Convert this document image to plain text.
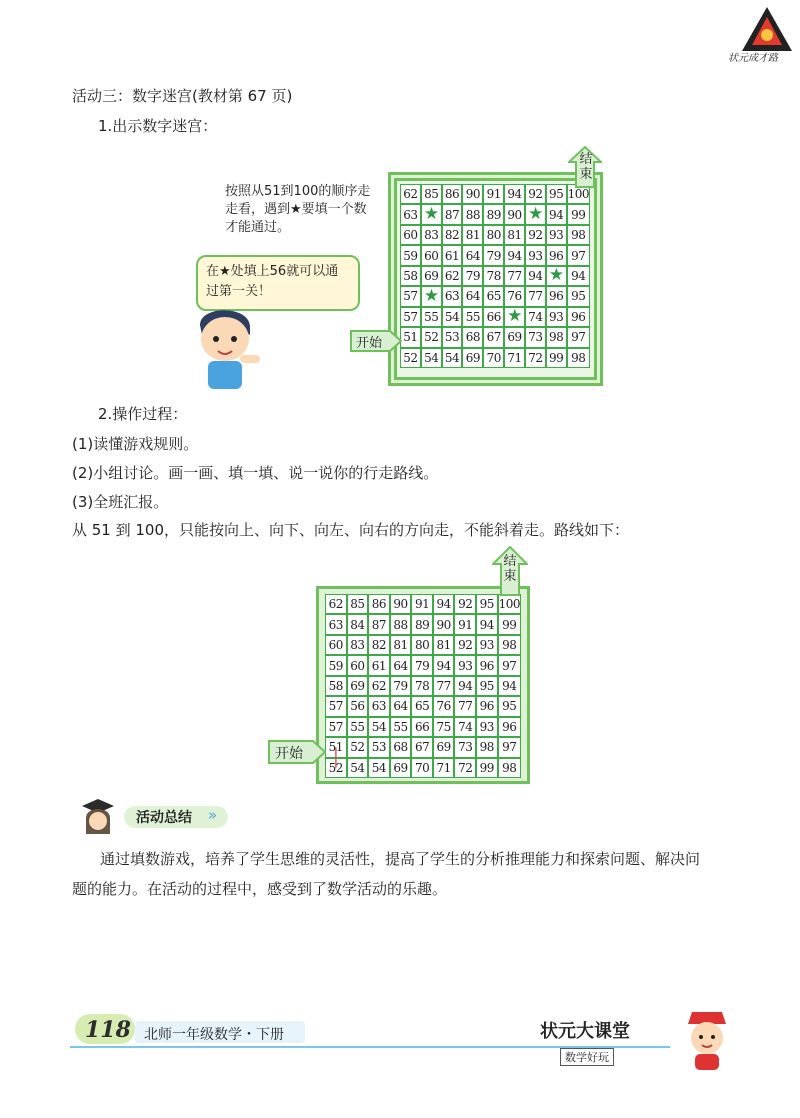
状元成才路
活动三：数字迷宫(教材第 67 页)
1.出示数字迷宫：
按照从51到100的顺序走走看，遇到★要填一个数才能通过。
在★处填上56就可以通过第一关！
62 85 86 90 91 94 92 95 100
63 ★ 87 88 89 90 ★ 94 99
60 83 82 81 80 81 92 93 98
59 60 61 64 79 94 93 96 97
58 69 62 79 78 77 94 ★ 94
57 ★ 63 64 65 76 77 96 95
57 55 54 55 66 ★ 74 93 96
51 52 53 68 67 69 73 98 97
52 54 54 69 70 71 72 99 98
结束
开始
2.操作过程：
(1)读懂游戏规则。
(2)小组讨论。画一画、填一填、说一说你的行走路线。
(3)全班汇报。
从 51 到 100，只能按向上、向下、向左、向右的方向走，不能斜着走。路线如下：
62 85 86 90 91 94 92 95 100
63 84 87 88 89 90 91 94 99
60 83 82 81 80 81 92 93 98
59 60 61 64 79 94 93 96 97
58 69 62 79 78 77 94 95 94
57 56 63 64 65 76 77 96 95
57 55 54 55 66 75 74 93 96
51 52 53 68 67 69 73 98 97
52 54 54 69 70 71 72 99 98
结束
开始
活动总结 »
通过填数游戏，培养了学生思维的灵活性，提高了学生的分析推理能力和探索问题、解决问
题的能力。在活动的过程中，感受到了数学活动的乐趣。
118 北师一年级数学・下册	状元大课堂
数学好玩
